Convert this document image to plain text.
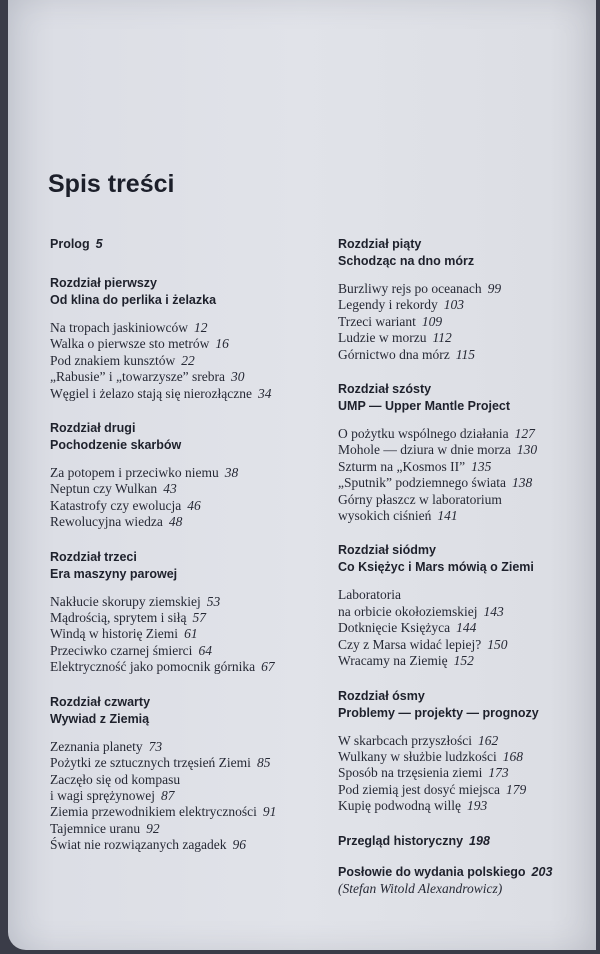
Spis treści
Prolog 5
Rozdział pierwszy
Od klina do perlika i żelazka
Na tropach jaskiniowców 12
Walka o pierwsze sto metrów 16
Pod znakiem kunsztów 22
„Rabusie” i „towarzysze” srebra 30
Węgiel i żelazo stają się nierozłączne 34
Rozdział drugi
Pochodzenie skarbów
Za potopem i przeciwko niemu 38
Neptun czy Wulkan 43
Katastrofy czy ewolucja 46
Rewolucyjna wiedza 48
Rozdział trzeci
Era maszyny parowej
Nakłucie skorupy ziemskiej 53
Mądrością, sprytem i siłą 57
Windą w historię Ziemi 61
Przeciwko czarnej śmierci 64
Elektryczność jako pomocnik górnika 67
Rozdział czwarty
Wywiad z Ziemią
Zeznania planety 73
Pożytki ze sztucznych trzęsień Ziemi 85
Zaczęło się od kompasu
i wagi sprężynowej 87
Ziemia przewodnikiem elektryczności 91
Tajemnice uranu 92
Świat nie rozwiązanych zagadek 96
Rozdział piąty
Schodząc na dno mórz
Burzliwy rejs po oceanach 99
Legendy i rekordy 103
Trzeci wariant 109
Ludzie w morzu 112
Górnictwo dna mórz 115
Rozdział szósty
UMP — Upper Mantle Project
O pożytku wspólnego działania 127
Mohole — dziura w dnie morza 130
Szturm na „Kosmos II” 135
„Sputnik” podziemnego świata 138
Górny płaszcz w laboratorium
wysokich ciśnień 141
Rozdział siódmy
Co Księżyc i Mars mówią o Ziemi
Laboratoria
na orbicie okołoziemskiej 143
Dotknięcie Księżyca 144
Czy z Marsa widać lepiej? 150
Wracamy na Ziemię 152
Rozdział ósmy
Problemy — projekty — prognozy
W skarbcach przyszłości 162
Wulkany w służbie ludzkości 168
Sposób na trzęsienia ziemi 173
Pod ziemią jest dosyć miejsca 179
Kupię podwodną willę 193
Przegląd historyczny 198
Posłowie do wydania polskiego 203
(Stefan Witold Alexandrowicz)
